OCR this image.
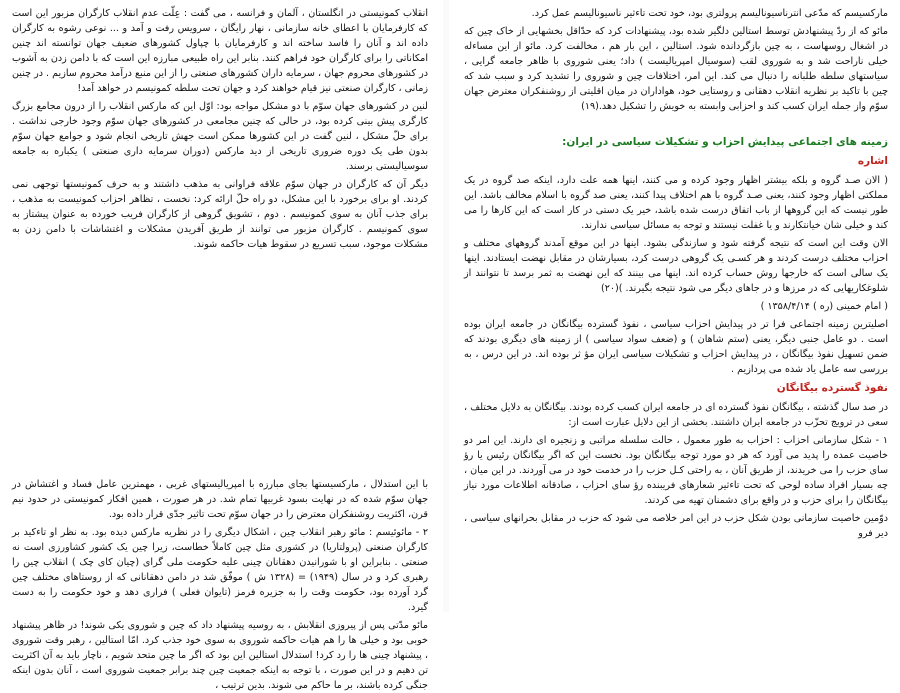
انقلاب كمونيستی در انگلستان ، آلمان و فرانسه ، می گفت : عِلّت عدم انقلاب كارگران مزبور اين است كه كارفرمايان با اعطای خانه سازمانی ، نهار رايگان ، سرويس رفت و آمد و ... نوعی رشوه به كارگران داده اند و آنان را فاسد ساخته اند و كارفرمايان با چپاول كشورهای ضعيف جهان توانسته اند چنين امكاناتی را برای كارگران خود فراهم كنند. بنابر اين راه طبيعی مبارزه اين است كه با دامن زدن به آشوب در كشورهای محروم جهان ، سرمايه داران كشورهای صنعتی را از اين منبع درآمد محروم سازيم . در چنين زمانی ، كارگران صنعتی نيز قيام خواهند كرد و جهان تحت سلطه كمونيسم در خواهد آمد!

لنين در كشورهای جهان سوّم با دو مشكل مواجه بود: اوّل اين كه ماركس انقلاب را از درون مجامع بزرگ كارگری پيش بينی كرده بود، در حالی كه چنين مجامعی در كشورهای جهان سوّم وجود خارجی نداشت . برای حلّ مشكل ، لنين گفت در اين كشورها ممكن است جهش تاريخی انجام شود و جوامع جهان سوّم بدون طی يک دوره ضروری تاريخی از دید ماركس (دوران سرمايه داری صنعتی ) يكباره به جامعه سوسياليستی برسند.

ديگر آن كه كارگران در جهان سوّم علاقه فراوانی به مذهب داشتند و به حرف كمونيستها توجهی نمی كردند. او برای برخورد با اين مشكل، دو راه حلّ ارائه كرد: نخست ، تظاهر احزاب كمونيست به مذهب ، برای جذب آنان به سوی كمونيسم . دوم ، تشويق گروهی از كارگران فريب خورده به عنوان پيشتاز به سوی كمونيسم . كارگران مزبور می توانند از طريق آفريدن مشكلات و اغتشاشات با دامن زدن به مشكلات موجود، سبب تسريع در سقوط هيات حاكمه شوند.

با اين استدلال ، ماركسيستها بجای مبارزه با امپرياليستهای غربی ، مهمترين عامل فساد و اغتشاش در جهان سوّم شده كه در نهايت بسود غربيها تمام شد. در هر صورت ، همين افكار كمونيستی در حدود نيم قرن، اكثريت روشنفكران معترض را در جهان سوّم تحت تاثير جدّی قرار داده بود.

۲ - مائوئيسم : مائو رهبر انقلاب چين ، اشكال ديگری را در نظريه ماركس ديده بود. به نظر او تاءكيد بر كارگران صنعتی (پرولتاريا) در كشوری مثل چين كاملاً خطاست، زيرا چين يک كشور كشاورزی است نه صنعتی . بنابراين او با شورانيدن دهقانان چينی عليه حكومت ملی گرای (چيان كای چک ) انقلاب چين را رهبری كرد و در سال (۱۹۴۹) = (۱۳۲۸ ش ) موفّق شد در دامن دهقانانی كه از روستاهای مختلف چين گرد آورده بود، حكومت وقت را به جزيره فرمز (تايوان فعلی ) فراری دهد و خود حكومت را به دست گيرد.

مائو مدّتی پس از پيروزی انقلابش ، به روسيه پيشنهاد داد كه چين و شوروی يكی شوند! در ظاهر پيشنهاد خوبی بود و خيلی ها را هم هيات حاكمه شوروی به سوی خود جذب كرد. امّا استالين ، رهبر وقت شوروی ، پيشنهاد چينی ها را رد كرد! استدلال استالين اين بود كه اگر ما چين متحد شويم ، ناچار بايد به آن اكثريت تن دهيم و در اين صورت ، با توجه به اينكه جمعيت چين چند برابر جمعيت شوروی است ، آنان بدون اينكه جنگی كرده باشند، بر ما حاكم می شوند. بدين ترتيب ،

ماركسيسم كه مدّعی انترناسيوناليسم پرولتری بود، خود تحت تاءثير ناسيوناليسم عمل كرد.

مائو كه از ردّ پيشنهادش توسط استالين دلگير شده بود، پيشنهادات كرد كه حدّاقل بخشهايی از خاک چين كه در اشغال روسهاست ، به چين بازگردانده شود. استالين ، اين بار هم ، مخالفت كرد. مائو از اين مساءله خيلی ناراحت شد و به شوروی لقب (سوسيال امپرياليست ) داد؛ يعنی شوروی با ظاهر جامعه گرايی ، سياستهای سلطه طلبانه را دنبال می كند. اين امر، اختلافات چين و شوروی را تشديد كرد و سبب شد كه چين با تاكيد بر نظريه انقلاب دهقانی و روستايی خود، هواداران در ميان اقليتی از روشنفكران معترض جهان سوّم واز جمله ايران كسب كند و احزابی وابسته به خويش را تشكيل دهد.(۱۹)

زمينه های اجتماعی پيدايش احزاب و تشكيلات سياسی در ايران:
اشاره

( الان صـد گروه و بلكه بيشتر اظهار وجود كرده و می كنند، اينها همه علت دارد، اينكه صد گروه در يک مملكتی اظهار وجود كنند، يعنی صـد گروه با هم اختلاف پيدا كنند، يعنی صد گروه با اسلام مخالف باشد. اين طور نيست كه اين گروهها از باب اتفاق درست شده باشد، خير يک دستی در كار است كه اين كارها را می كند و خيلی شان خيانتكارند و يا غفلت نيستند و توجه به مسائل سياسی ندارند.

الان وقت اين است كه نتيجه گرفته شود و سازندگی بشود. اينها در اين موقع آمدند گروههای مختلف و احزاب مختلف درست كردند و هر كسـی يک گروهی درست كرد، بسيارشان در مقابل نهضت ايستادند. اينها يک سالی است كه خارجها روش حساب كرده اند. اينها می بينند كه اين نهضت به ثمر برسد تا نتوانند از شلوغكاريهايی كه در مرزها و در جاهای ديگر می شود نتيجه بگيرند. )(۲۰)

( امام خمينی (ره ) ۱۳۵۸/۴/۱۴ )

اصلیترين زمينه اجتماعی فرا تر در پيدايش احزاب سياسی ، نفوذ گسترده بيگانگان در جامعه ايران بوده است . دو عامل جنبی ديگر، يعنی (ستم شاهان ) و (ضعف سواد سياسی ) از زمينه های ديگری بودند كه ضمن تسهيل نفوذ بيگانگان ، در پيدايش احزاب و تشكيلات سياسی ايران مؤ ثر بوده اند. در اين درس ، به بررسی سه عامل ياد شده می پردازيم .

نفوذ گسترده بيگانگان

در صد سال گذشته ، بيگانگان نفوذ گسترده ای در جامعه ايران كسب كرده بودند. بيگانگان به دلايل مختلف ، سعی در ترويج تحزّب در جامعه ايران داشتند. بخشی از اين دلايل عبارت است از:

۱ - شكل سازمانی احزاب : احزاب به طور معمول ، حالت سلسله مراتبی و زنجيره ای دارند. اين امر دو خاصيت عمده را پديد می آورد كه هر دو مورد توجه بيگانگان بود. نخست اين كه اگر بيگانگان رئيس يا رؤ سای حزب را می خريدند، از طريق آنان ، به راحتی كـل حزب را در خدمت خود در می آوردند. در اين ميان ، چه بسيار افراد ساده لوحی كه تحت تاءثير شعارهای فريبنده رؤ سای احزاب ، صادقانه اطلاعات مورد نياز بيگانگان را برای حزب و در واقع برای دشمنان تهيه می كردند.

دوّمين خاصيت سازمانی بودن شكل حزب در اين امر خلاصه می شود كه حزب در مقابل بحرانهای سياسی ، دير فرو
